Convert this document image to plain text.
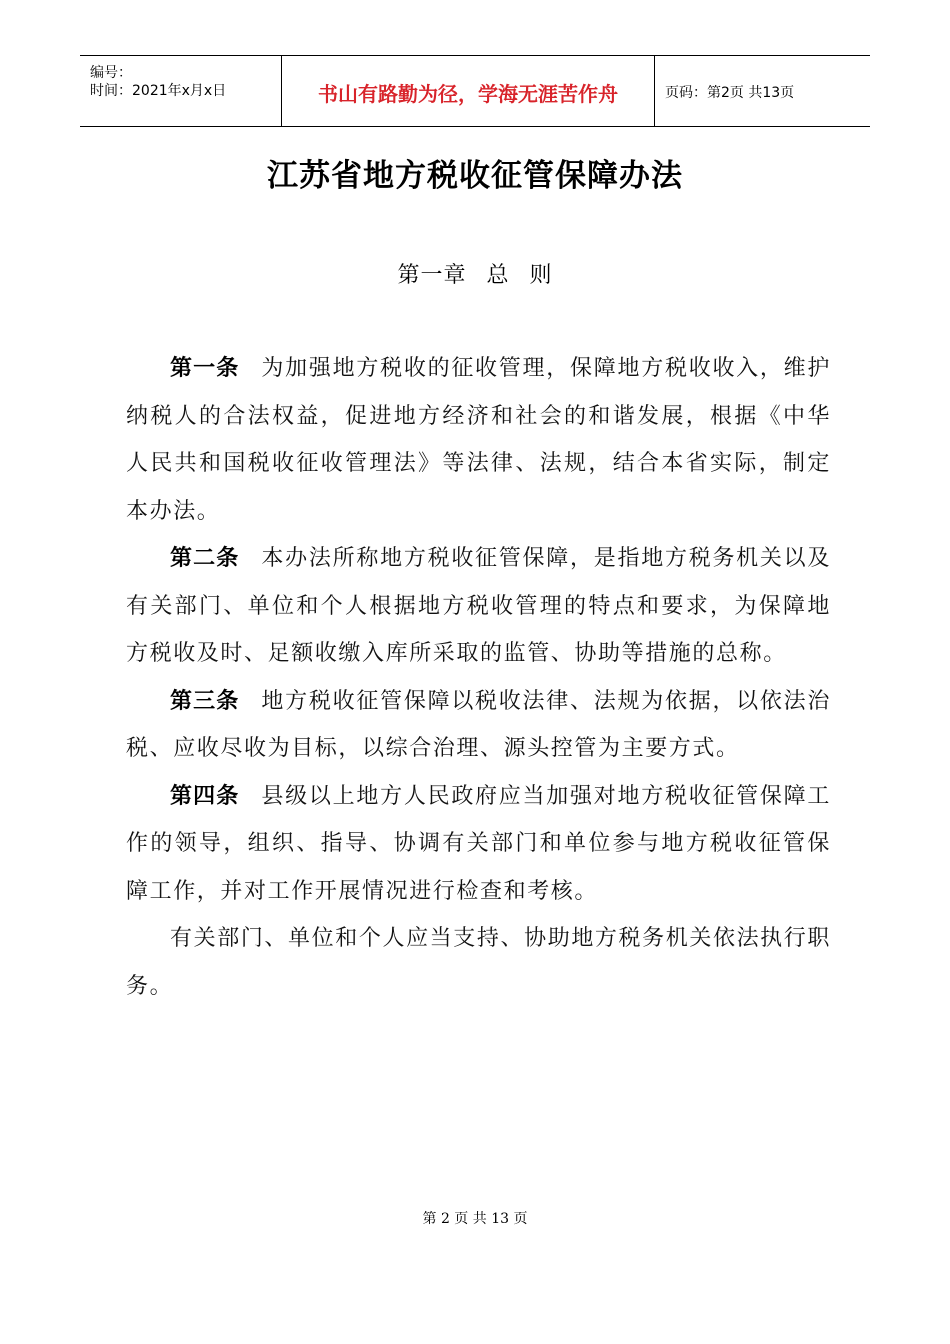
编号：
时间：2021年x月x日	书山有路勤为径，学海无涯苦作舟	页码：第2页 共13页
江苏省地方税收征管保障办法
第一章 总 则

第一条 为加强地方税收的征收管理，保障地方税收收入，维护纳税人的合法权益，促进地方经济和社会的和谐发展，根据《中华人民共和国税收征收管理法》等法律、法规，结合本省实际，制定本办法。

第二条 本办法所称地方税收征管保障，是指地方税务机关以及有关部门、单位和个人根据地方税收管理的特点和要求，为保障地方税收及时、足额收缴入库所采取的监管、协助等措施的总称。

第三条 地方税收征管保障以税收法律、法规为依据，以依法治税、应收尽收为目标，以综合治理、源头控管为主要方式。

第四条 县级以上地方人民政府应当加强对地方税收征管保障工作的领导，组织、指导、协调有关部门和单位参与地方税收征管保障工作，并对工作开展情况进行检查和考核。

有关部门、单位和个人应当支持、协助地方税务机关依法执行职务。

第 2 页 共 13 页
